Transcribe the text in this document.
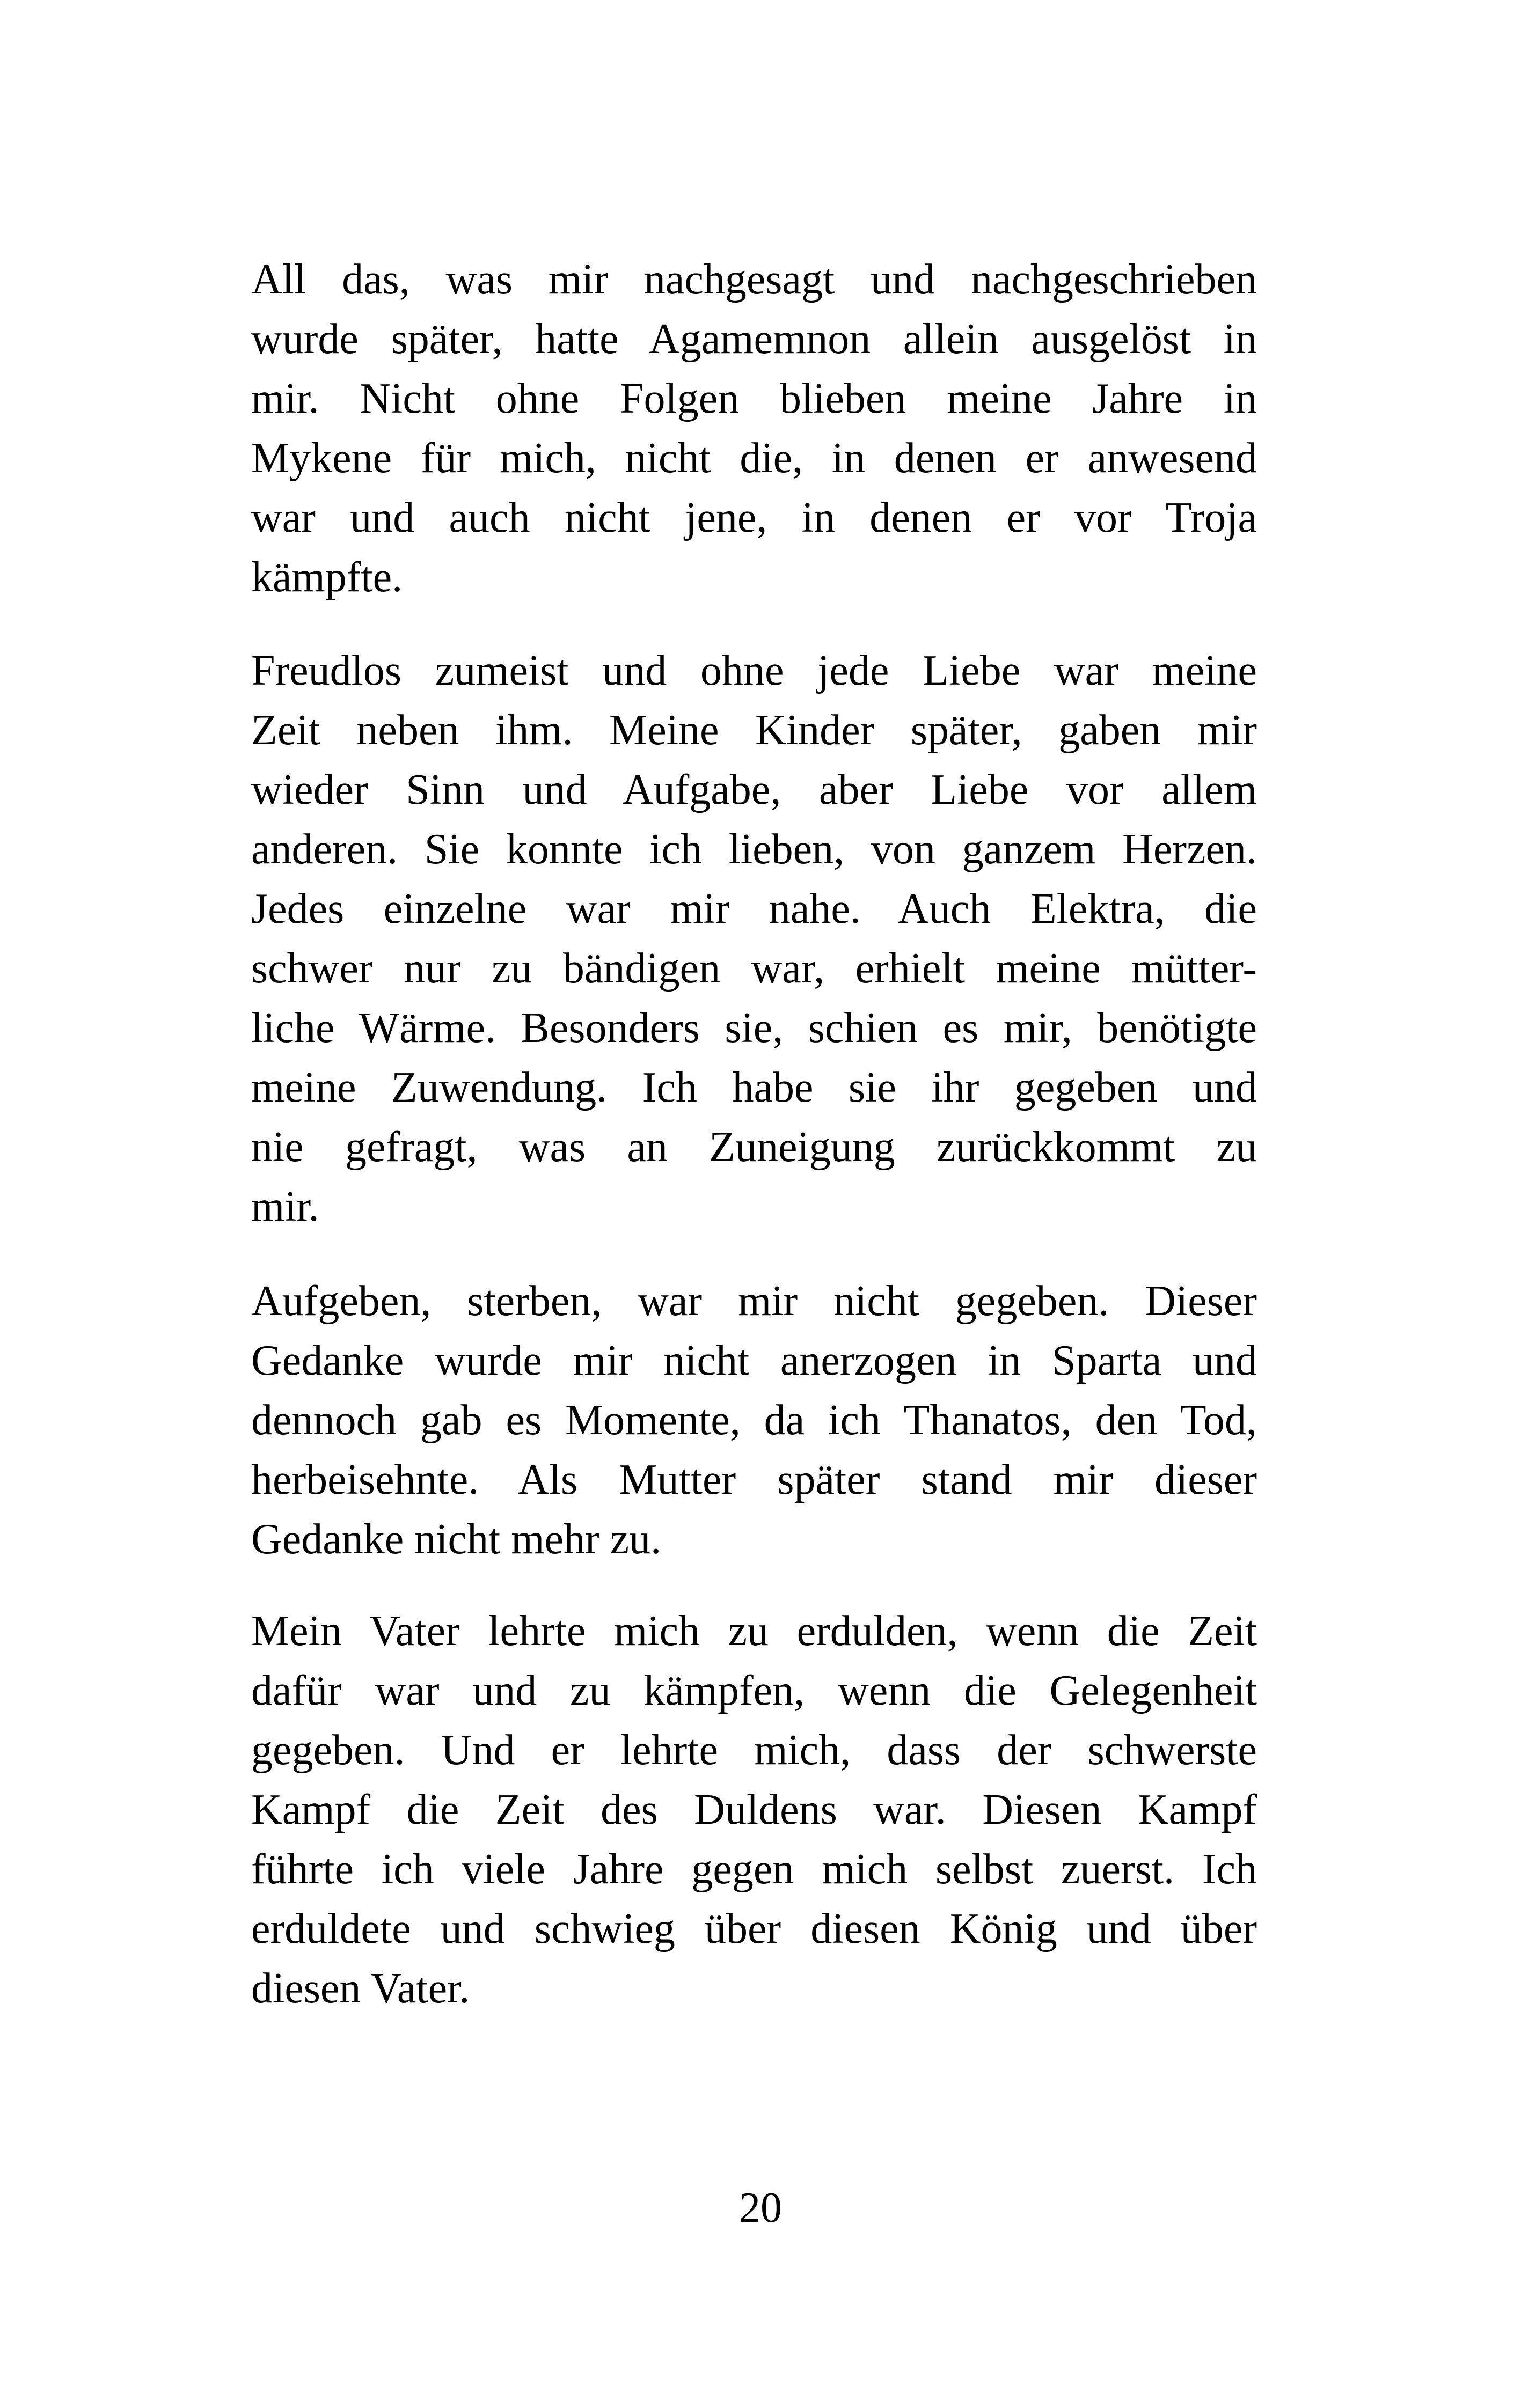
All das, was mir nachgesagt und nachgeschrieben
wurde später, hatte Agamemnon allein ausgelöst in
mir. Nicht ohne Folgen blieben meine Jahre in
Mykene für mich, nicht die, in denen er anwesend
war und auch nicht jene, in denen er vor Troja
kämpfte.
Freudlos zumeist und ohne jede Liebe war meine
Zeit neben ihm. Meine Kinder später, gaben mir
wieder Sinn und Aufgabe, aber Liebe vor allem
anderen. Sie konnte ich lieben, von ganzem Herzen.
Jedes einzelne war mir nahe. Auch Elektra, die
schwer nur zu bändigen war, erhielt meine mütter-
liche Wärme. Besonders sie, schien es mir, benötigte
meine Zuwendung. Ich habe sie ihr gegeben und
nie gefragt, was an Zuneigung zurückkommt zu
mir.
Aufgeben, sterben, war mir nicht gegeben. Dieser
Gedanke wurde mir nicht anerzogen in Sparta und
dennoch gab es Momente, da ich Thanatos, den Tod,
herbeisehnte. Als Mutter später stand mir dieser
Gedanke nicht mehr zu.
Mein Vater lehrte mich zu erdulden, wenn die Zeit
dafür war und zu kämpfen, wenn die Gelegenheit
gegeben. Und er lehrte mich, dass der schwerste
Kampf die Zeit des Duldens war. Diesen Kampf
führte ich viele Jahre gegen mich selbst zuerst. Ich
erduldete und schwieg über diesen König und über
diesen Vater.
20
